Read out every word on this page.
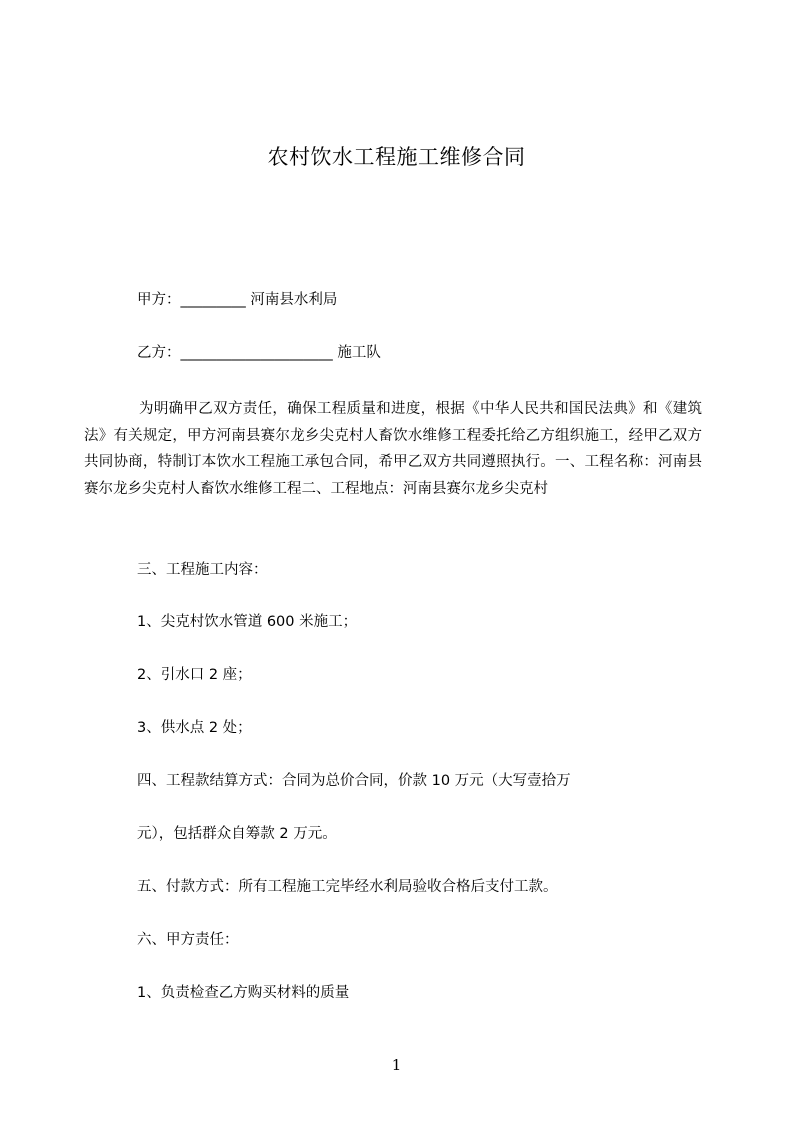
农村饮水工程施工维修合同
甲方：_________ 河南县水利局
乙方：_____________________ 施工队
为明确甲乙双方责任，确保工程质量和进度，根据《中华人民共和国民法典》和《建筑法》有关规定，甲方河南县赛尔龙乡尖克村人畜饮水维修工程委托给乙方组织施工，经甲乙双方共同协商，特制订本饮水工程施工承包合同，希甲乙双方共同遵照执行。一、工程名称：河南县赛尔龙乡尖克村人畜饮水维修工程二、工程地点：河南县赛尔龙乡尖克村
三、工程施工内容：
1、尖克村饮水管道 600 米施工；
2、引水口 2 座；
3、供水点 2 处；
四、工程款结算方式：合同为总价合同，价款 10 万元（大写壹拾万
元），包括群众自筹款 2 万元。
五、付款方式：所有工程施工完毕经水利局验收合格后支付工款。
六、甲方责任：
1、负责检查乙方购买材料的质量
1
